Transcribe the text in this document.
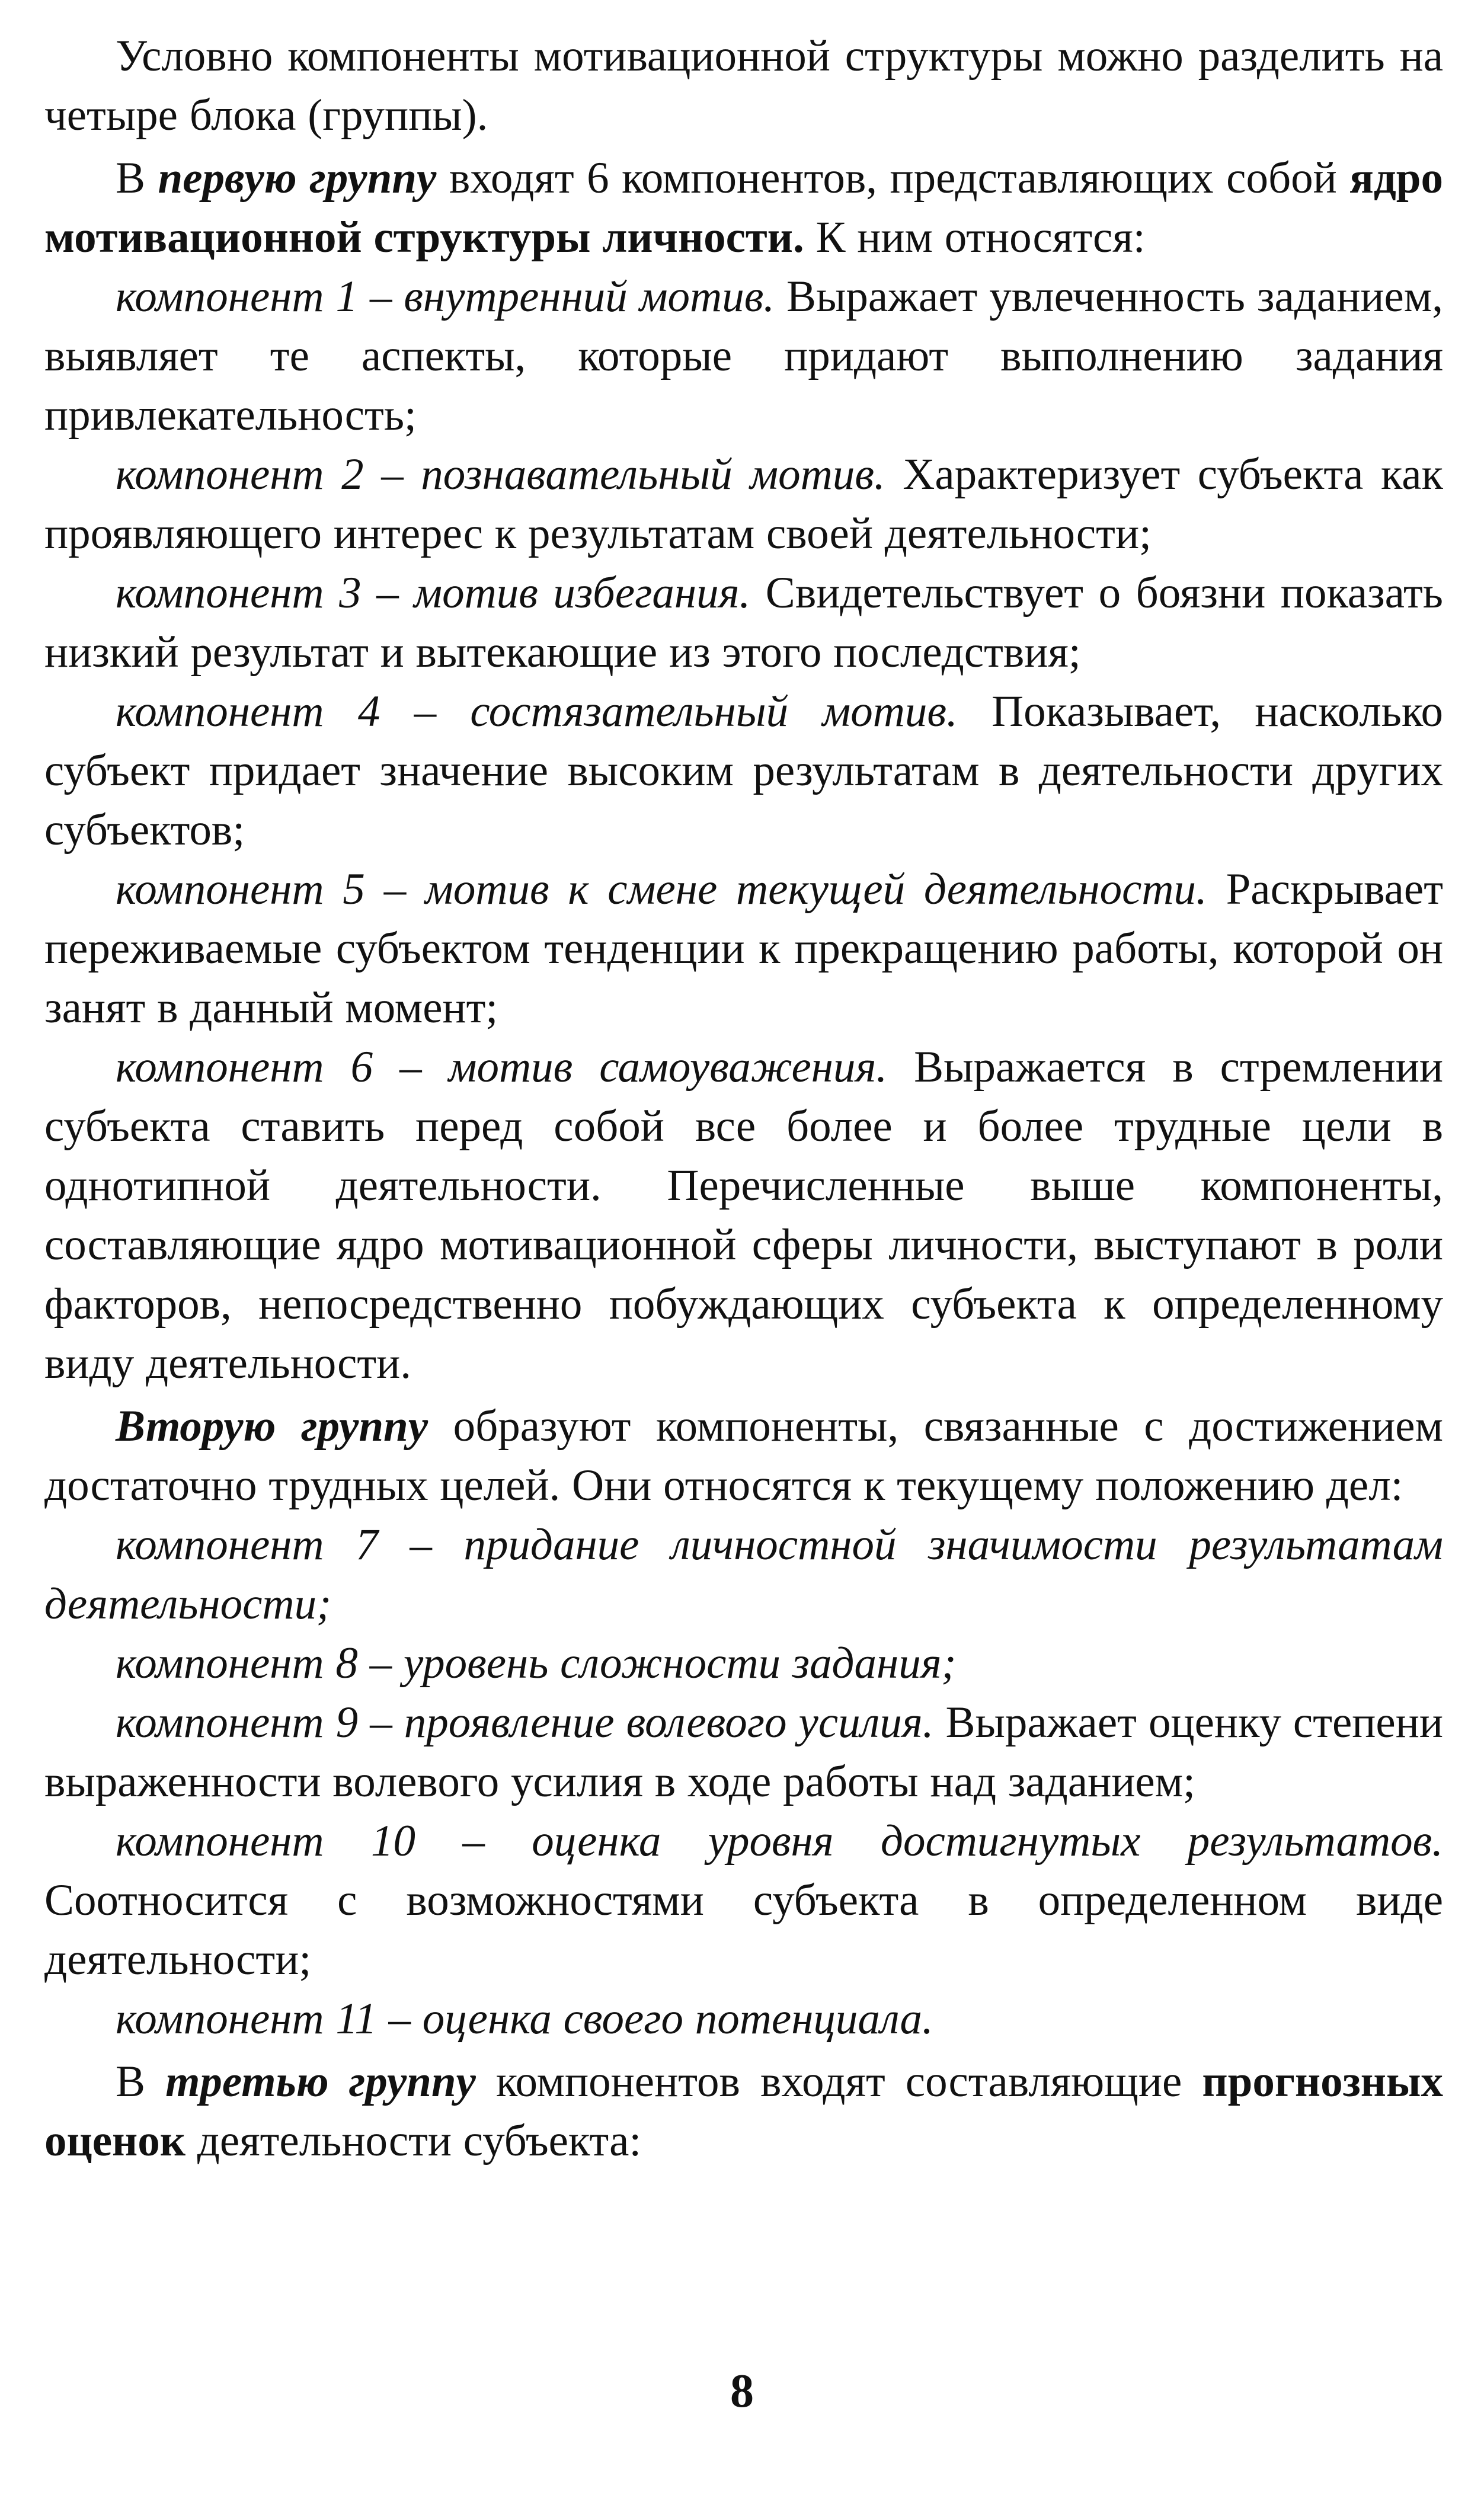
Условно компоненты мотивационной структуры можно разделить на четыре блока (группы).

В первую группу входят 6 компонентов, представляющих собой ядро мотивационной структуры личности. К ним относятся:

компонент 1 – внутренний мотив. Выражает увлеченность заданием, выявляет те аспекты, которые придают выполнению задания привлекательность;

компонент 2 – познавательный мотив. Характеризует субъекта как проявляющего интерес к результатам своей деятельности;

компонент 3 – мотив избегания. Свидетельствует о боязни показать низкий результат и вытекающие из этого последствия;

компонент 4 – состязательный мотив. Показывает, насколько субъект придает значение высоким результатам в деятельности других субъектов;

компонент 5 – мотив к смене текущей деятельности. Раскрывает переживаемые субъектом тенденции к прекращению работы, которой он занят в данный момент;

компонент 6 – мотив самоуважения. Выражается в стремлении субъекта ставить перед собой все более и более трудные цели в однотипной деятельности. Перечисленные выше компоненты, составляющие ядро мотивационной сферы личности, выступают в роли факторов, непосредственно побуждающих субъекта к определенному виду деятельности.

Вторую группу образуют компоненты, связанные с достижением достаточно трудных целей. Они относятся к текущему положению дел:

компонент 7 – придание личностной значимости результатам деятельности;

компонент 8 – уровень сложности задания;

компонент 9 – проявление волевого усилия. Выражает оценку степени выраженности волевого усилия в ходе работы над заданием;

компонент 10 – оценка уровня достигнутых результатов. Соотносится с возможностями субъекта в определенном виде деятельности;

компонент 11 – оценка своего потенциала.

В третью группу компонентов входят составляющие прогнозных оценок деятельности субъекта:

8
